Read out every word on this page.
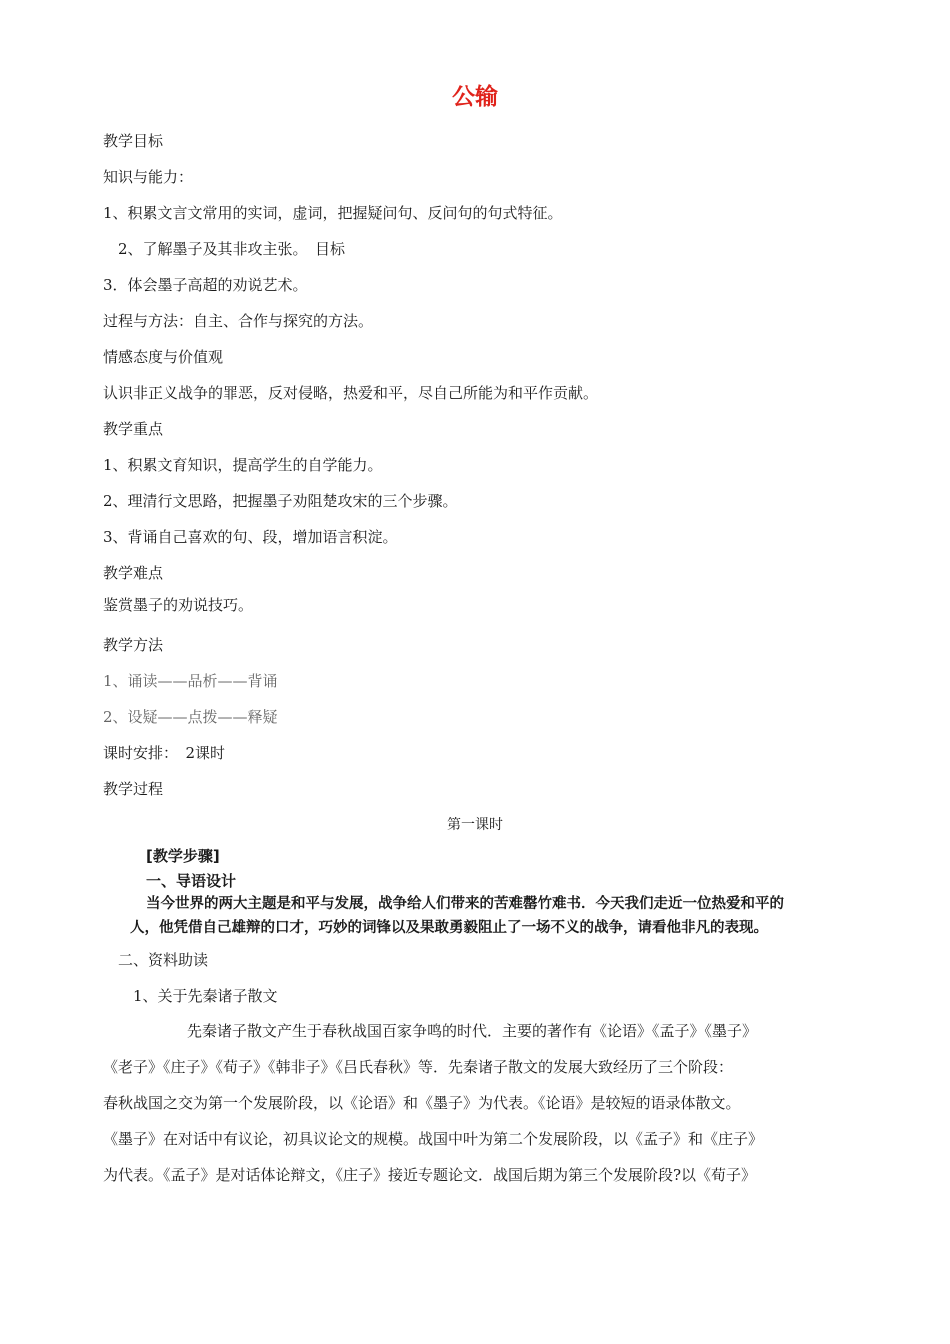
公输
教学目标
知识与能力：
1、积累文言文常用的实词，虚词，把握疑问句、反问句的句式特征。
2、了解墨子及其非攻主张。　目标
3．体会墨子高超的劝说艺术。
过程与方法：自主、合作与探究的方法。
情感态度与价值观
认识非正义战争的罪恶，反对侵略，热爱和平，尽自己所能为和平作贡献。
教学重点
1、积累文育知识，提高学生的自学能力。
2、理清行文思路，把握墨子劝阻楚攻宋的三个步骤。
3、背诵自己喜欢的句、段，增加语言积淀。
教学难点
鉴赏墨子的劝说技巧。
教学方法
1、诵读——品析——背诵
2、设疑——点拨——释疑
课时安排：　2课时
教学过程
第一课时
[教学步骤]
一、导语设计
当今世界的两大主题是和平与发展，战争给人们带来的苦难罄竹难书．今天我们走近一位热爱和平的
人，他凭借自己雄辩的口才，巧妙的词锋以及果敢勇毅阻止了一场不义的战争，请看他非凡的表现。
二、资料助读
1、关于先秦诸子散文

先秦诸子散文产生于春秋战国百家争鸣的时代．主要的著作有《论语》《孟子》《墨子》

《老子》《庄子》《荀子》《韩非子》《吕氏春秋》等．先秦诸子散文的发展大致经历了三个阶段：

春秋战国之交为第一个发展阶段，以《论语》和《墨子》为代表。《论语》是较短的语录体散文。

《墨子》在对话中有议论，初具议论文的规模。战国中叶为第二个发展阶段，以《孟子》和《庄子》

为代表。《孟子》是对话体论辩文，《庄子》接近专题论文．战国后期为第三个发展阶段?以《荀子》
